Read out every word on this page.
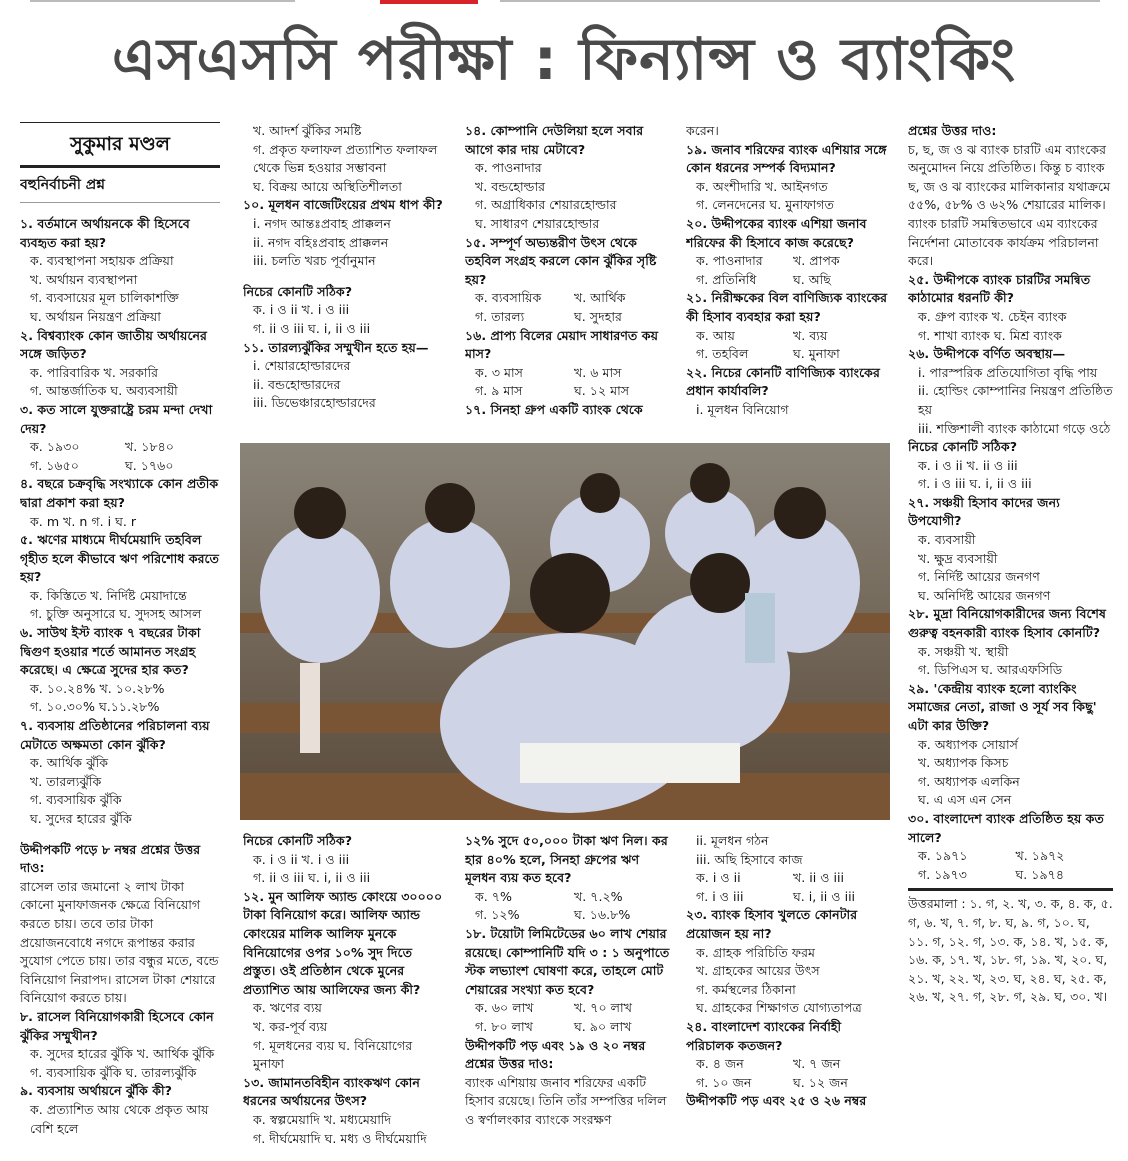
এসএসসি পরীক্ষা : ফিন্যান্স ও ব্যাংকিং
সুকুমার মণ্ডল
বহুনির্বাচনী প্রশ্ন

১. বর্তমানে অর্থায়নকে কী হিসেবে ব্যবহৃত করা হয়?

ক. ব্যবস্থাপনা সহায়ক প্রক্রিয়া

খ. অর্থায়ন ব্যবস্থাপনা

গ. ব্যবসায়ের মূল চালিকাশক্তি

ঘ. অর্থায়ন নিয়ন্ত্রণ প্রক্রিয়া

২. বিশ্বব্যাংক কোন জাতীয় অর্থায়নের সঙ্গে জড়িত?

ক. পারিবারিক খ. সরকারি

গ. আন্তর্জাতিক ঘ. অব্যবসায়ী

৩. কত সালে যুক্তরাষ্ট্রে চরম মন্দা দেখা দেয়?

ক. ১৯৩০	খ. ১৮৪০
গ. ১৬৫০	ঘ. ১৭৬০

৪. বছরে চক্রবৃদ্ধি সংখ্যাকে কোন প্রতীক দ্বারা প্রকাশ করা হয়?

ক. m খ. n গ. i ঘ. r

৫. ঋণের মাধ্যমে দীর্ঘমেয়াদি তহবিল গৃহীত হলে কীভাবে ঋণ পরিশোধ করতে হয়?

ক. কিস্তিতে খ. নির্দিষ্ট মেয়াদান্তে

গ. চুক্তি অনুসারে ঘ. সুদসহ আসল

৬. সাউথ ইস্ট ব্যাংক ৭ বছরের টাকা দ্বিগুণ হওয়ার শর্তে আমানত সংগ্রহ করেছে। এ ক্ষেত্রে সুদের হার কত?

ক. ১০.২৪% খ. ১০.২৮%

গ. ১০.৩০% ঘ.১১.২৮%

৭. ব্যবসায় প্রতিষ্ঠানের পরিচালনা ব্যয় মেটাতে অক্ষমতা কোন ঝুঁকি?

ক. আর্থিক ঝুঁকি

খ. তারল্যঝুঁকি

গ. ব্যবসায়িক ঝুঁকি

ঘ. সুদের হারের ঝুঁকি

উদ্দীপকটি পড়ে ৮ নম্বর প্রশ্নের উত্তর দাও:

রাসেল তার জমানো ২ লাখ টাকা কোনো মুনাফাজনক ক্ষেত্রে বিনিয়োগ করতে চায়। তবে তার টাকা প্রয়োজনবোধে নগদে রূপান্তর করার সুযোগ পেতে চায়। তার বন্ধুর মতে, বন্ডে বিনিয়োগ নিরাপদ। রাসেল টাকা শেয়ারে বিনিয়োগ করতে চায়।

৮. রাসেল বিনিয়োগকারী হিসেবে কোন ঝুঁকির সম্মুখীন?

ক. সুদের হারের ঝুঁকি খ. আর্থিক ঝুঁকি

গ. ব্যবসায়িক ঝুঁকি ঘ. তারল্যঝুঁকি

৯. ব্যবসায় অর্থায়নে ঝুঁকি কী?

ক. প্রত্যাশিত আয় থেকে প্রকৃত আয় বেশি হলে

খ. আদর্শ ঝুঁকির সমষ্টি

গ. প্রকৃত ফলাফল প্রত্যাশিত ফলাফল থেকে ভিন্ন হওয়ার সম্ভাবনা

ঘ. বিক্রয় আয়ে অস্থিতিশীলতা

১০. মূলধন বাজেটিংয়ের প্রথম ধাপ কী?

i. নগদ আন্তঃপ্রবাহ প্রাক্কলন

ii. নগদ বহিঃপ্রবাহ প্রাক্কলন

iii. চলতি খরচ পূর্বানুমান

নিচের কোনটি সঠিক?

ক. i ও ii খ. i ও iii

গ. ii ও iii ঘ. i, ii ও iii

১১. তারল্যঝুঁকির সম্মুখীন হতে হয়—

i. শেয়ারহোল্ডারদের

ii. বন্ডহোল্ডারদের

iii. ডিভেঞ্চারহোল্ডারদের

১৪. কোম্পানি দেউলিয়া হলে সবার আগে কার দায় মেটাবে?

ক. পাওনাদার

খ. বন্ডহোল্ডার

গ. অগ্রাধিকার শেয়ারহোল্ডার

ঘ. সাধারণ শেয়ারহোল্ডার

১৫. সম্পূর্ণ অভ্যন্তরীণ উৎস থেকে তহবিল সংগ্রহ করলে কোন ঝুঁকির সৃষ্টি হয়?

ক. ব্যবসায়িক	খ. আর্থিক
গ. তারল্য	ঘ. সুদহার

১৬. প্রাপ্য বিলের মেয়াদ সাধারণত কয় মাস?

ক. ৩ মাস	খ. ৬ মাস
গ. ৯ মাস	ঘ. ১২ মাস

১৭. সিনহা গ্রুপ একটি ব্যাংক থেকে

করেন।

১৯. জনাব শরিফের ব্যাংক এশিয়ার সঙ্গে কোন ধরনের সম্পর্ক বিদ্যমান?

ক. অংশীদারি খ. আইনগত

গ. লেনদেনের ঘ. মুনাফাগত

২০. উদ্দীপকের ব্যাংক এশিয়া জনাব শরিফের কী হিসাবে কাজ করেছে?

ক. পাওনাদার	খ. প্রাপক
গ. প্রতিনিধি	ঘ. অছি

২১. নিরীক্ষকের বিল বাণিজ্যিক ব্যাংকের কী হিসাব ব্যবহার করা হয়?

ক. আয়	খ. ব্যয়
গ. তহবিল	ঘ. মুনাফা

২২. নিচের কোনটি বাণিজ্যিক ব্যাংকের প্রধান কার্যাবলি?

i. মূলধন বিনিয়োগ

প্রশ্নের উত্তর দাও:

চ, ছ, জ ও ঝ ব্যাংক চারটি এম ব্যাংকের অনুমোদন নিয়ে প্রতিষ্ঠিত। কিন্তু চ ব্যাংক ছ, জ ও ঝ ব্যাংকের মালিকানার যথাক্রমে ৫৫%, ৫৮% ও ৬২% শেয়ারের মালিক। ব্যাংক চারটি সমন্বিতভাবে এম ব্যাংকের নির্দেশনা মোতাবেক কার্যক্রম পরিচালনা করে।

২৫. উদ্দীপকে ব্যাংক চারটির সমন্বিত কাঠামোর ধরনটি কী?

ক. গ্রুপ ব্যাংক খ. চেইন ব্যাংক

গ. শাখা ব্যাংক ঘ. মিশ্র ব্যাংক

২৬. উদ্দীপকে বর্ণিত অবস্থায়—

i. পারস্পরিক প্রতিযোগিতা বৃদ্ধি পায়

ii. হোল্ডিং কোম্পানির নিয়ন্ত্রণ প্রতিষ্ঠিত হয়

iii. শক্তিশালী ব্যাংক কাঠামো গড়ে ওঠে

নিচের কোনটি সঠিক?

ক. i ও ii খ. ii ও iii

গ. i ও iii ঘ. i, ii ও iii

২৭. সঞ্চয়ী হিসাব কাদের জন্য উপযোগী?

ক. ব্যবসায়ী

খ. ক্ষুদ্র ব্যবসায়ী

গ. নির্দিষ্ট আয়ের জনগণ

ঘ. অনির্দিষ্ট আয়ের জনগণ

২৮. মুদ্রা বিনিয়োগকারীদের জন্য বিশেষ গুরুত্ব বহনকারী ব্যাংক হিসাব কোনটি?

ক. সঞ্চয়ী খ. স্থায়ী

গ. ডিপিএস ঘ. আরএফসিডি

২৯. 'কেন্দ্রীয় ব্যাংক হলো ব্যাংকিং সমাজের নেতা, রাজা ও সূর্য সব কিছু' এটা কার উক্তি?

ক. অধ্যাপক সোয়ার্স

খ. অধ্যাপক কিসচ

গ. অধ্যাপক এলকিন

ঘ. এ এস এন সেন

৩০. বাংলাদেশ ব্যাংক প্রতিষ্ঠিত হয় কত সালে?

ক. ১৯৭১	খ. ১৯৭২
গ. ১৯৭৩	ঘ. ১৯৭৪
উত্তরমালা : ১. গ, ২. খ, ৩. ক, ৪. ক, ৫. গ, ৬. খ, ৭. গ, ৮. ঘ, ৯. গ, ১০. ঘ, ১১. গ, ১২. গ, ১৩. ক, ১৪. খ, ১৫. ক, ১৬. ক, ১৭. খ, ১৮. গ, ১৯. খ, ২০. ঘ, ২১. খ, ২২. খ, ২৩. ঘ, ২৪. ঘ, ২৫. ক, ২৬. খ, ২৭. গ, ২৮. গ, ২৯. ঘ, ৩০. খ।

নিচের কোনটি সঠিক?

ক. i ও ii খ. i ও iii

গ. ii ও iii ঘ. i, ii ও iii

১২. মুন আলিফ অ্যান্ড কোংয়ে ৩০০০০ টাকা বিনিয়োগ করে। আলিফ অ্যান্ড কোংয়ের মালিক আলিফ মুনকে বিনিয়োগের ওপর ১০% সুদ দিতে প্রস্তুত। ওই প্রতিষ্ঠান থেকে মুনের প্রত্যাশিত আয় আলিফের জন্য কী?

ক. ঋণের ব্যয়

খ. কর-পূর্ব ব্যয়

গ. মূলধনের ব্যয় ঘ. বিনিয়োগের মুনাফা

১৩. জামানতবিহীন ব্যাংকঋণ কোন ধরনের অর্থায়নের উৎস?

ক. স্বল্পমেয়াদি খ. মধ্যমেয়াদি

গ. দীর্ঘমেয়াদি ঘ. মধ্য ও দীর্ঘমেয়াদি

১২% সুদে ৫০,০০০ টাকা ঋণ নিল। কর হার ৪০% হলে, সিনহা গ্রুপের ঋণ মূলধন ব্যয় কত হবে?

ক. ৭%	খ. ৭.২%
গ. ১২%	ঘ. ১৬.৮%

১৮. টয়োটা লিমিটেডের ৬০ লাখ শেয়ার রয়েছে। কোম্পানিটি যদি ৩ : ১ অনুপাতে স্টক লভ্যাংশ ঘোষণা করে, তাহলে মোট শেয়ারের সংখ্যা কত হবে?

ক. ৬০ লাখ	খ. ৭০ লাখ
গ. ৮০ লাখ	ঘ. ৯০ লাখ

উদ্দীপকটি পড় এবং ১৯ ও ২০ নম্বর প্রশ্নের উত্তর দাও:

ব্যাংক এশিয়ায় জনাব শরিফের একটি হিসাব রয়েছে। তিনি তাঁর সম্পত্তির দলিল ও স্বর্ণালংকার ব্যাংকে সংরক্ষণ

ii. মূলধন গঠন

iii. অছি হিসাবে কাজ

ক. i ও ii	খ. ii ও iii
গ. i ও iii	ঘ. i, ii ও iii

২৩. ব্যাংক হিসাব খুলতে কোনটার প্রয়োজন হয় না?

ক. গ্রাহক পরিচিতি ফরম

খ. গ্রাহকের আয়ের উৎস

গ. কর্মস্থলের ঠিকানা

ঘ. গ্রাহকের শিক্ষাগত যোগ্যতাপত্র

২৪. বাংলাদেশ ব্যাংকের নির্বাহী পরিচালক কতজন?

ক. ৪ জন	খ. ৭ জন
গ. ১০ জন	ঘ. ১২ জন

উদ্দীপকটি পড় এবং ২৫ ও ২৬ নম্বর
